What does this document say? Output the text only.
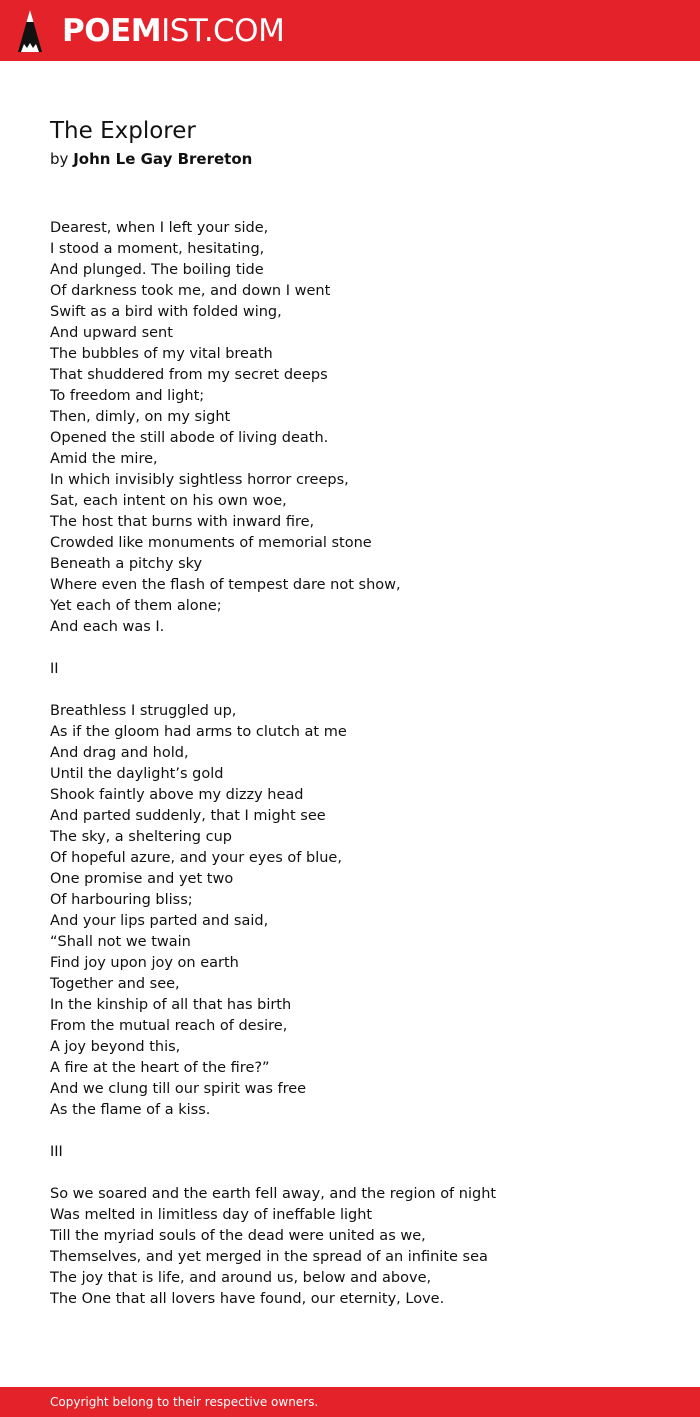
POEMIST.COM
The Explorer
by John Le Gay Brereton
Dearest, when I left your side,
I stood a moment, hesitating,
And plunged. The boiling tide
Of darkness took me, and down I went
Swift as a bird with folded wing,
And upward sent
The bubbles of my vital breath
That shuddered from my secret deeps
To freedom and light;
Then, dimly, on my sight
Opened the still abode of living death.
Amid the mire,
In which invisibly sightless horror creeps,
Sat, each intent on his own woe,
The host that burns with inward fire,
Crowded like monuments of memorial stone
Beneath a pitchy sky
Where even the flash of tempest dare not show,
Yet each of them alone;
And each was I.
II
Breathless I struggled up,
As if the gloom had arms to clutch at me
And drag and hold,
Until the daylight’s gold
Shook faintly above my dizzy head
And parted suddenly, that I might see
The sky, a sheltering cup
Of hopeful azure, and your eyes of blue,
One promise and yet two
Of harbouring bliss;
And your lips parted and said,
“Shall not we twain
Find joy upon joy on earth
Together and see,
In the kinship of all that has birth
From the mutual reach of desire,
A joy beyond this,
A fire at the heart of the fire?”
And we clung till our spirit was free
As the flame of a kiss.
III
So we soared and the earth fell away, and the region of night
Was melted in limitless day of ineffable light
Till the myriad souls of the dead were united as we,
Themselves, and yet merged in the spread of an infinite sea
The joy that is life, and around us, below and above,
The One that all lovers have found, our eternity, Love.
Copyright belong to their respective owners.
